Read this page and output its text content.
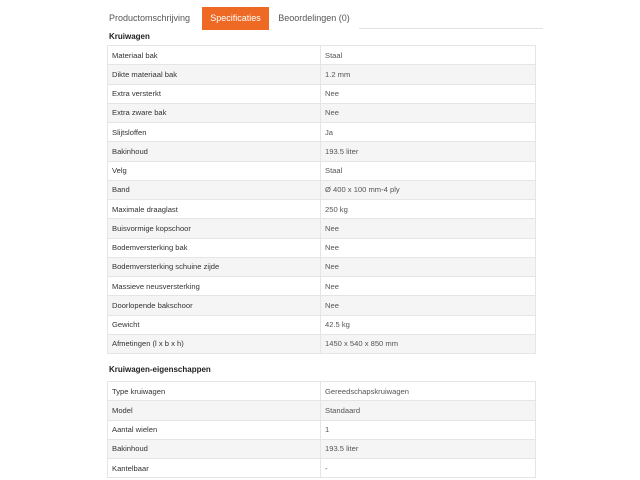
Productomschrijving	Specificaties	Beoordelingen (0)
Kruiwagen
Materiaal bak	Staal
Dikte materiaal bak	1.2 mm
Extra versterkt	Nee
Extra zware bak	Nee
Slijtsloffen	Ja
Bakinhoud	193.5 liter
Velg	Staal
Band	Ø 400 x 100 mm-4 ply
Maximale draaglast	250 kg
Buisvormige kopschoor	Nee
Bodemversterking bak	Nee
Bodemversterking schuine zijde	Nee
Massieve neusversterking	Nee
Doorlopende bakschoor	Nee
Gewicht	42.5 kg
Afmetingen (l x b x h)	1450 x 540 x 850 mm
Kruiwagen-eigenschappen
Type kruiwagen	Gereedschapskruiwagen
Model	Standaard
Aantal wielen	1
Bakinhoud	193.5 liter
Kantelbaar	-
